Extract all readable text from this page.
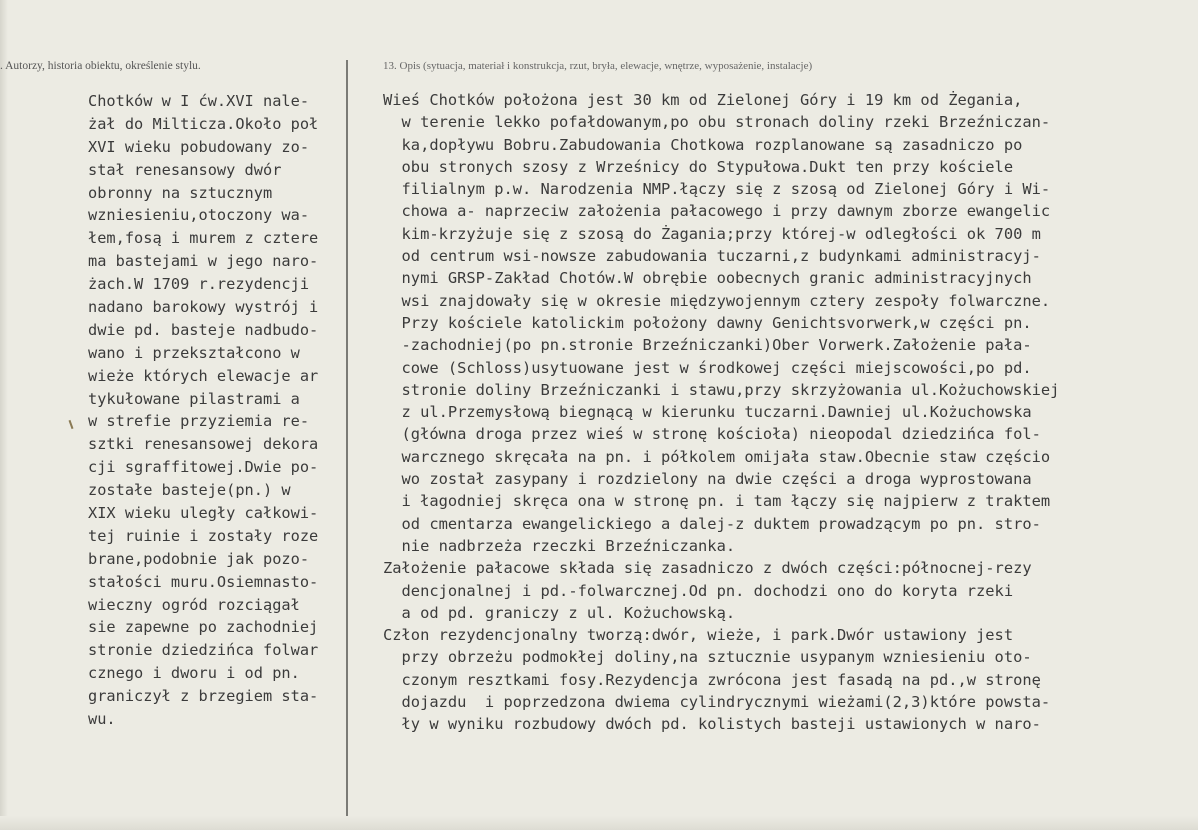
. Autorzy, historia obiektu, określenie stylu.	13. Opis (sytuacja, materiał i konstrukcja, rzut, bryła, elewacje, wnętrze, wyposażenie, instalacje)
Chotków w I ćw.XVI nale-
żał do Milticza.Około poł
XVI wieku pobudowany zo-
stał renesansowy dwór
obronny na sztucznym
wzniesieniu,otoczony wa-
łem,fosą i murem z cztere
ma bastejami w jego naro-
żach.W 1709 r.rezydencji
nadano barokowy wystrój i
dwie pd. basteje nadbudo-
wano i przekształcono w
wieże których elewacje ar
tykułowane pilastrami a
w strefie przyziemia re-
sztki renesansowej dekora
cji sgraffitowej.Dwie po-
zostałe basteje(pn.) w
XIX wieku uległy całkowi-
tej ruinie i zostały roze
brane,podobnie jak pozo-
stałości muru.Osiemnasto-
wieczny ogród rozciągał
sie zapewne po zachodniej
stronie dziedzińca folwar
cznego i dworu i od pn.
graniczył z brzegiem sta-
wu.
Wieś Chotków położona jest 30 km od Zielonej Góry i 19 km od Żegania,
w terenie lekko pofałdowanym,po obu stronach doliny rzeki Brzeźniczan-
ka,dopływu Bobru.Zabudowania Chotkowa rozplanowane są zasadniczo po
obu stronych szosy z Wrześnicy do Stypułowa.Dukt ten przy kościele
filialnym p.w. Narodzenia NMP.łączy się z szosą od Zielonej Góry i Wi-
chowa a- naprzeciw założenia pałacowego i przy dawnym zborze ewangelic
kim-krzyżuje się z szosą do Żagania;przy której-w odległości ok 700 m
od centrum wsi-nowsze zabudowania tuczarni,z budynkami administracyj-
nymi GRSP-Zakład Chotów.W obrębie oobecnych granic administracyjnych
wsi znajdowały się w okresie międzywojennym cztery zespoły folwarczne.
Przy kościele katolickim położony dawny Genichtsvorwerk,w części pn.
-zachodniej(po pn.stronie Brzeźniczanki)Ober Vorwerk.Założenie pała-
cowe (Schloss)usytuowane jest w środkowej części miejscowości,po pd.
stronie doliny Brzeźniczanki i stawu,przy skrzyżowania ul.Kożuchowskiej
z ul.Przemysłową biegnącą w kierunku tuczarni.Dawniej ul.Kożuchowska
(główna droga przez wieś w stronę kościoła) nieopodal dziedzińca fol-
warcznego skręcała na pn. i półkolem omijała staw.Obecnie staw częścio
wo został zasypany i rozdzielony na dwie części a droga wyprostowana
i łagodniej skręca ona w stronę pn. i tam łączy się najpierw z traktem
od cmentarza ewangelickiego a dalej-z duktem prowadzącym po pn. stro-
nie nadbrzeża rzeczki Brzeźniczanka.
Założenie pałacowe składa się zasadniczo z dwóch części:północnej-rezy
dencjonalnej i pd.-folwarcznej.Od pn. dochodzi ono do koryta rzeki
a od pd. graniczy z ul. Kożuchowską.
Człon rezydencjonalny tworzą:dwór, wieże, i park.Dwór ustawiony jest
przy obrzeżu podmokłej doliny,na sztucznie usypanym wzniesieniu oto-
czonym resztkami fosy.Rezydencja zwrócona jest fasadą na pd.,w stronę
dojazdu  i poprzedzona dwiema cylindrycznymi wieżami(2,3)które powsta-
ły w wyniku rozbudowy dwóch pd. kolistych basteji ustawionych w naro-
